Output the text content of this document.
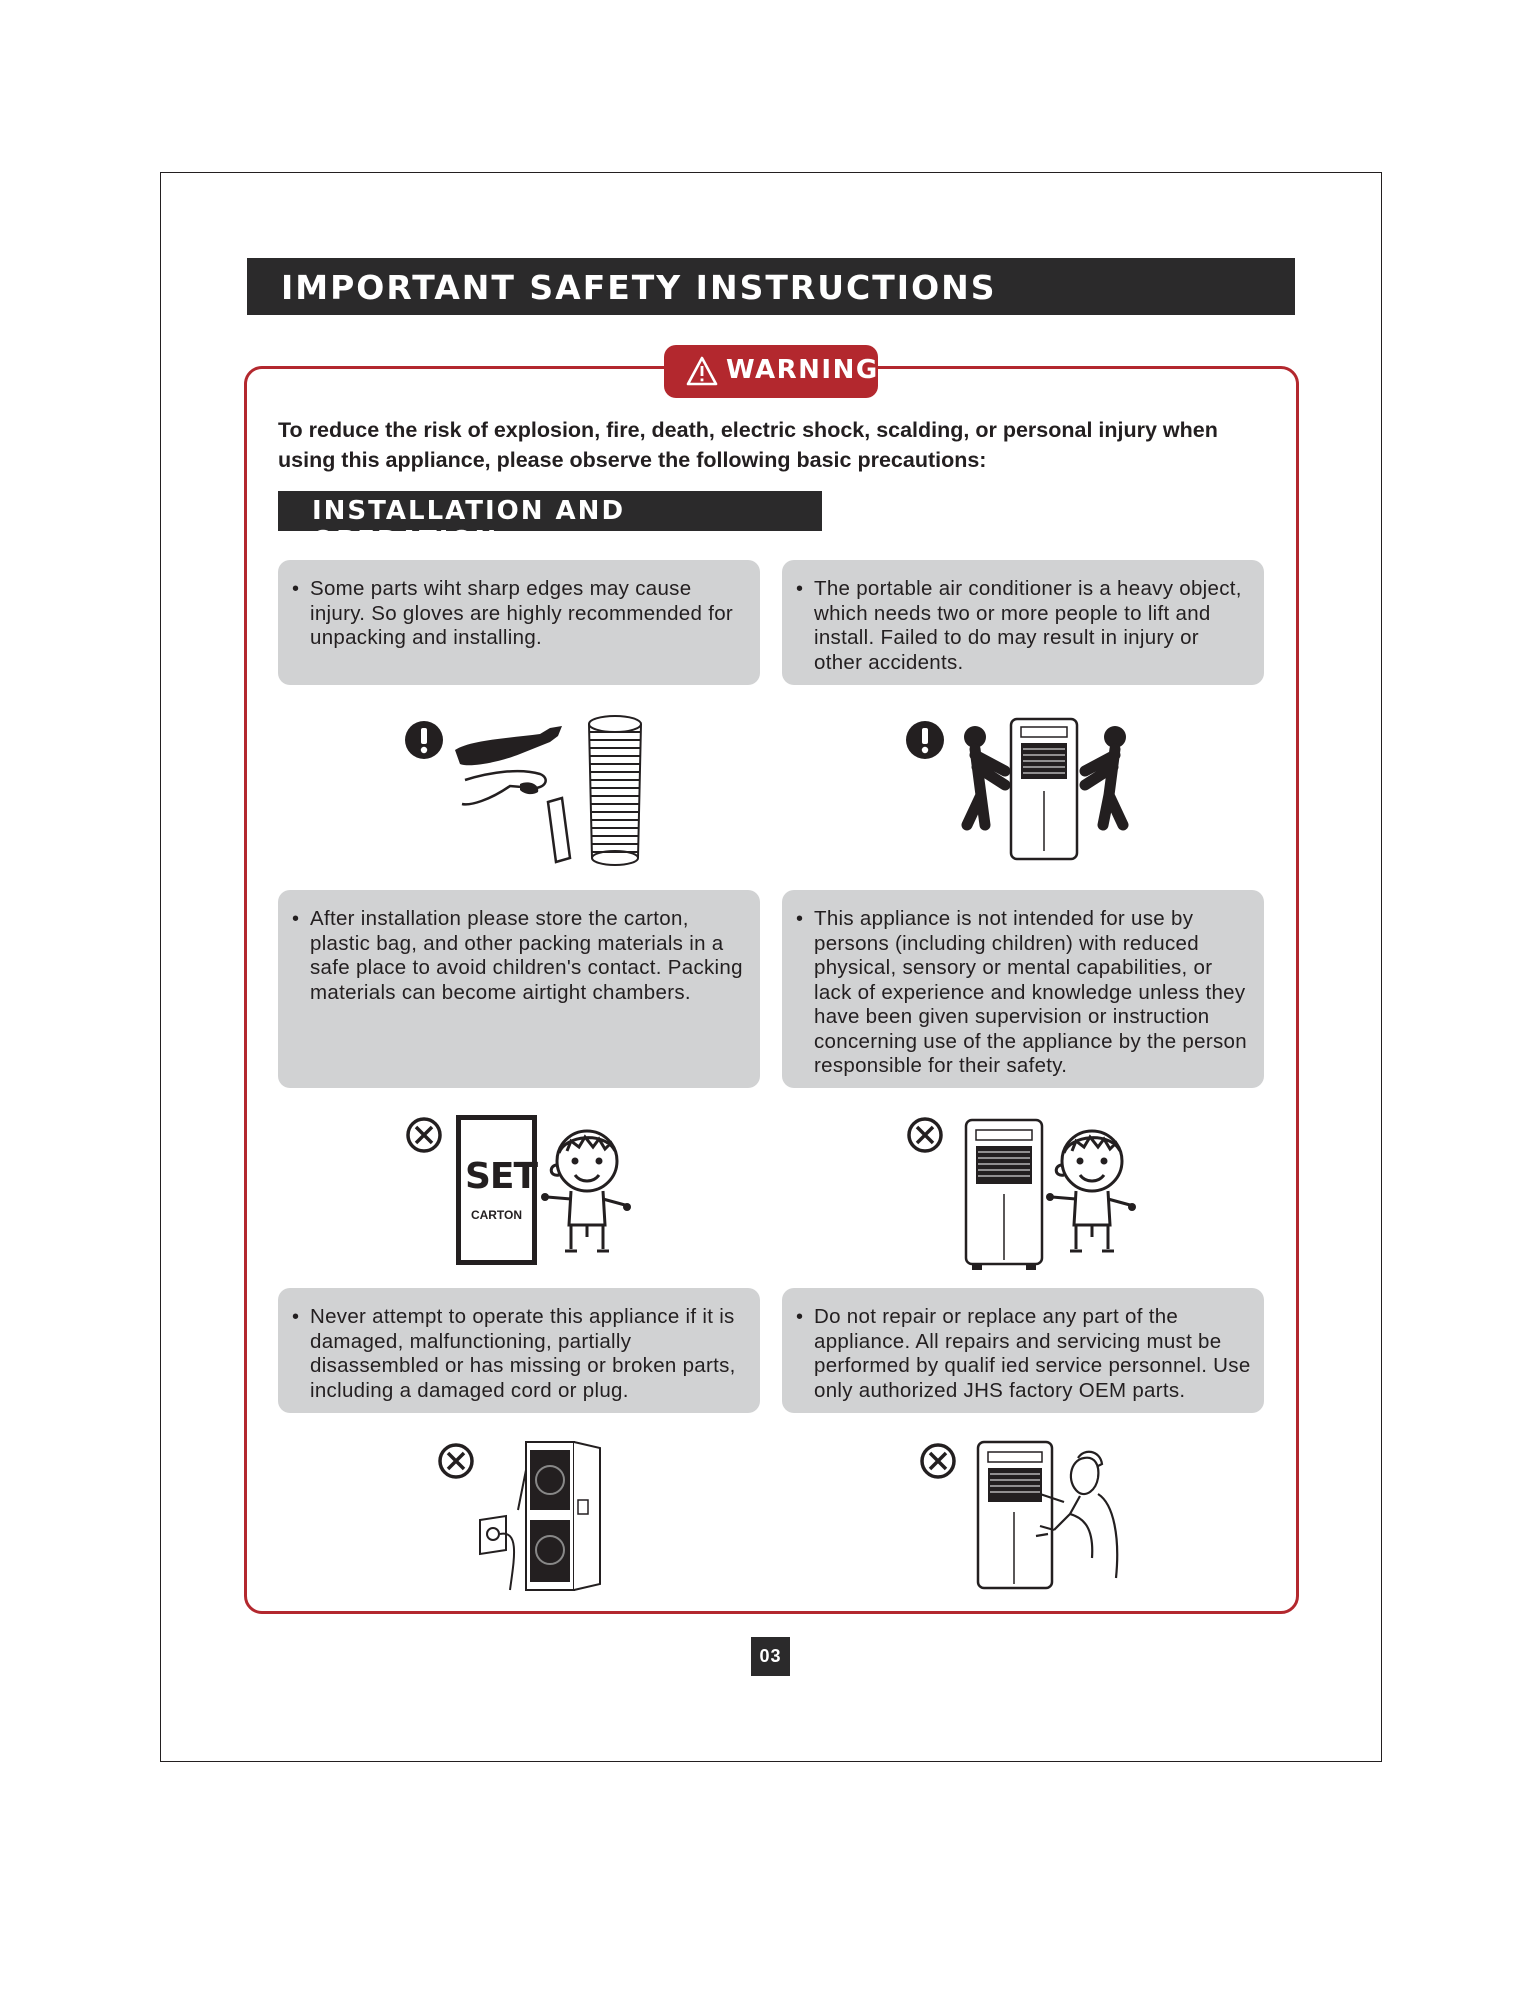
IMPORTANT SAFETY INSTRUCTIONS
WARNING
To reduce the risk of explosion, fire, death, electric shock, scalding, or personal injury when using this appliance, please observe the following basic precautions:
INSTALLATION AND OPERATION
• Some parts wiht sharp edges may cause injury. So gloves are highly recommended for unpacking and installing.
• The portable air conditioner is a heavy object, which needs two or more people to lift and install. Failed to do may result in injury or other accidents.
• After installation please store the carton, plastic bag, and other packing materials in a safe place to avoid children's contact. Packing materials can become airtight chambers.
• This appliance is not intended for use by persons (including children) with reduced physical, sensory or mental capabilities, or lack of experience and knowledge unless they have been given supervision or instruction concerning use of the appliance by the person responsible for their safety.
SET
CARTON
• Never attempt to operate this appliance if it is damaged, malfunctioning, partially disassembled or has missing or broken parts, including a damaged cord or plug.
• Do not repair or replace any part of the appliance. All repairs and servicing must be performed by qualif ied service personnel. Use only authorized JHS factory OEM parts.
03
